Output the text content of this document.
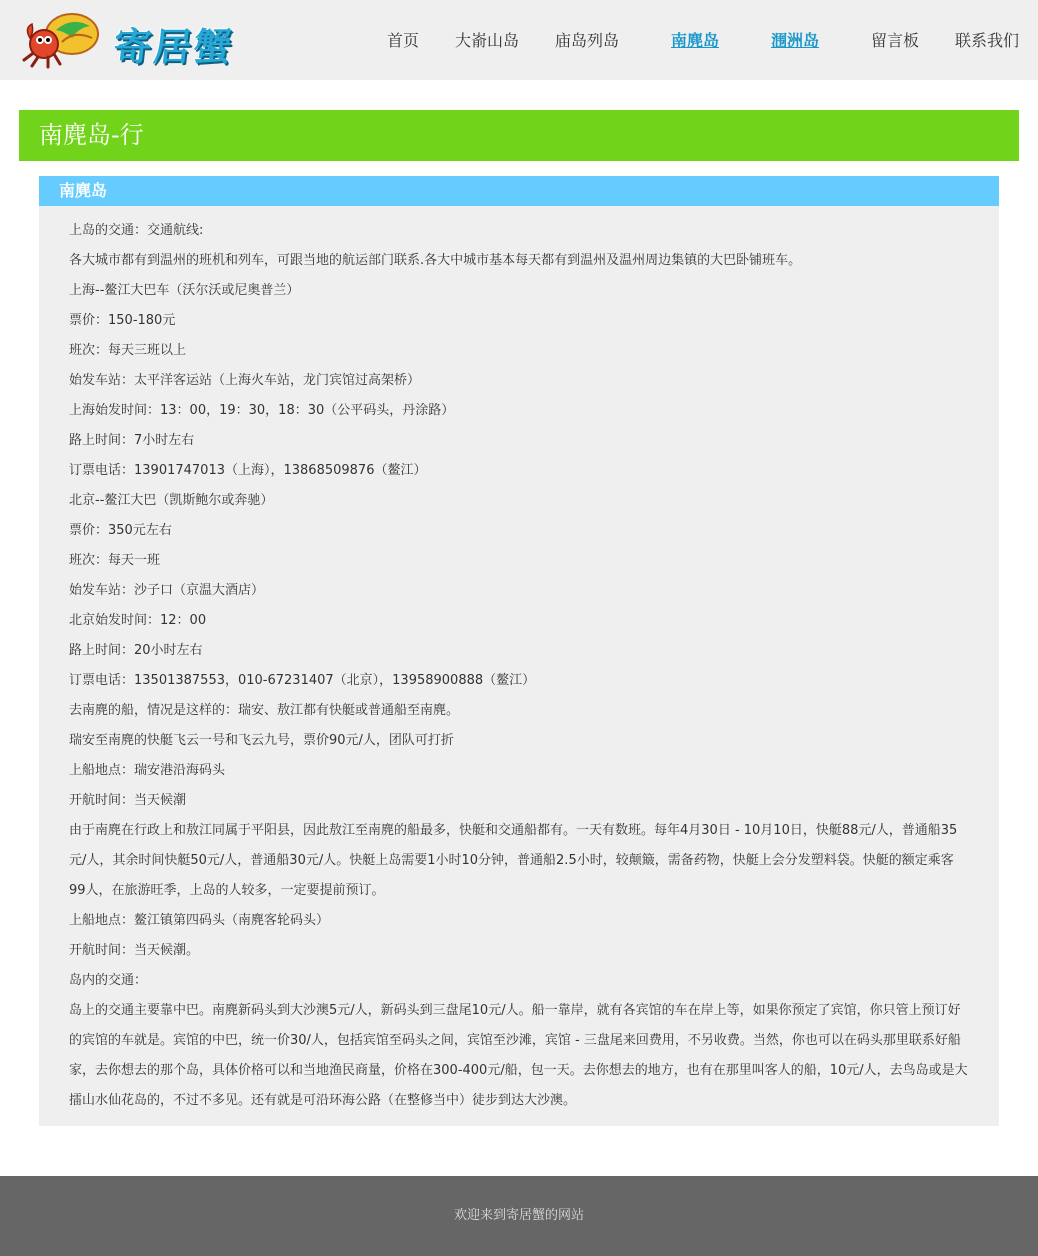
寄居蟹	首页 大嵛山岛 庙岛列岛	南麂岛	涠洲岛	留言板 联系我们
南麂岛-行
南麂岛

上岛的交通：交通航线:

各大城市都有到温州的班机和列车，可跟当地的航运部门联系.各大中城市基本每天都有到温州及温州周边集镇的大巴卧铺班车。

上海--鳌江大巴车（沃尔沃或尼奥普兰）

票价：150-180元

班次：每天三班以上

始发车站：太平洋客运站（上海火车站，龙门宾馆过高架桥）

上海始发时间：13：00，19：30，18：30（公平码头，丹涂路）

路上时间：7小时左右

订票电话：13901747013（上海），13868509876（鳌江）

北京--鳌江大巴（凯斯鲍尔或奔驰）

票价：350元左右

班次：每天一班

始发车站：沙子口（京温大酒店）

北京始发时间：12：00

路上时间：20小时左右

订票电话：13501387553，010-67231407（北京），13958900888（鳌江）

去南麂的船，情况是这样的：瑞安、敖江都有快艇或普通船至南麂。

瑞安至南麂的快艇飞云一号和飞云九号，票价90元/人，团队可打折

上船地点：瑞安港沿海码头

开航时间：当天候潮

由于南麂在行政上和敖江同属于平阳县，因此敖江至南麂的船最多，快艇和交通船都有。一天有数班。每年4月30日 - 10月10日，快艇88元/人，普通船35元/人，其余时间快艇50元/人，普通船30元/人。快艇上岛需要1小时10分钟，普通船2.5小时，较颠簸，需备药物，快艇上会分发塑料袋。快艇的额定乘客99人，在旅游旺季，上岛的人较多，一定要提前预订。

上船地点：鳌江镇第四码头（南麂客轮码头）

开航时间：当天候潮。

岛内的交通：

岛上的交通主要靠中巴。南麂新码头到大沙澳5元/人，新码头到三盘尾10元/人。船一靠岸，就有各宾馆的车在岸上等，如果你预定了宾馆，你只管上预订好的宾馆的车就是。宾馆的中巴，统一价30/人，包括宾馆至码头之间，宾馆至沙滩，宾馆 - 三盘尾来回费用，不另收费。当然，你也可以在码头那里联系好船家，去你想去的那个岛，具体价格可以和当地渔民商量，价格在300-400元/船，包一天。去你想去的地方，也有在那里叫客人的船，10元/人，去鸟岛或是大擂山水仙花岛的，不过不多见。还有就是可沿环海公路（在整修当中）徒步到达大沙澳。

欢迎来到寄居蟹的网站
